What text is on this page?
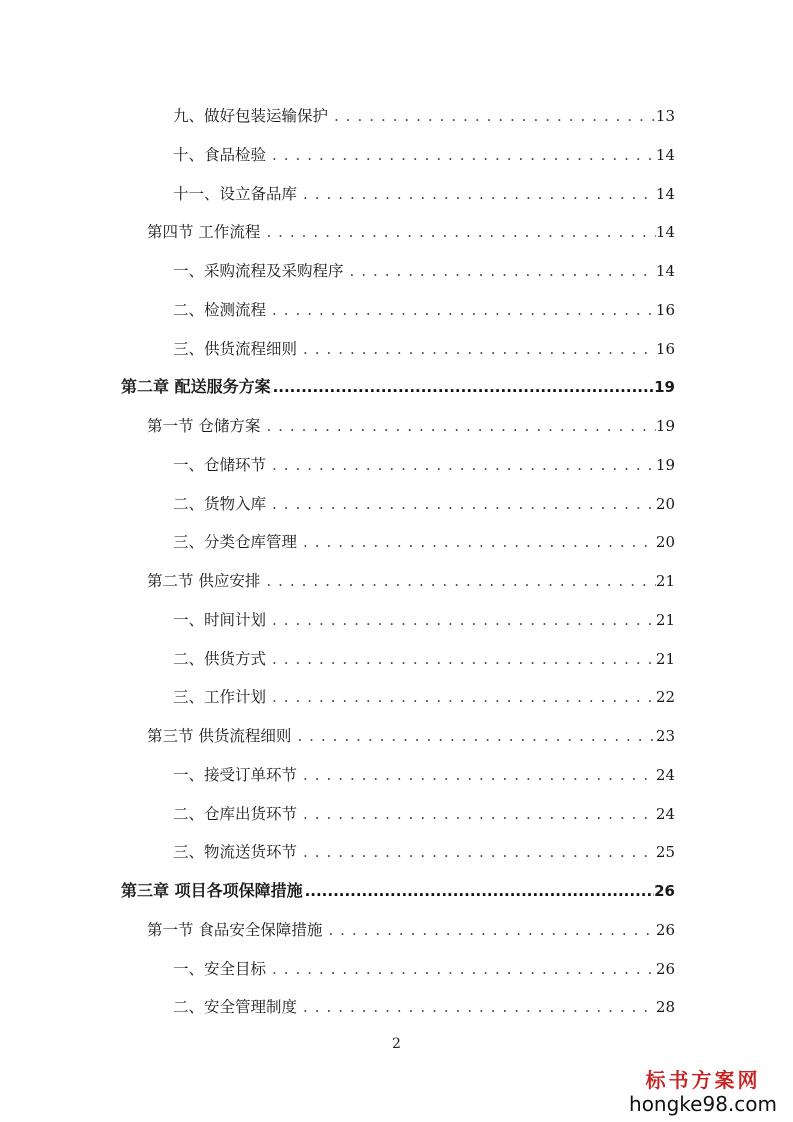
九、做好包装运输保护 . . .	13
十、食品检验 . . .	14
十一、设立备品库 . . .	14
第四节 工作流程 . . .	14
一、采购流程及采购程序 . . .	14
二、检测流程 . . .	16
三、供货流程细则 . . .	16
第二章 配送服务方案 .....	19
第一节 仓储方案 . . .	19
一、仓储环节 . . .	19
二、货物入库 . . .	20
三、分类仓库管理 . . .	20
第二节 供应安排 . . .	21
一、时间计划 . . .	21
二、供货方式 . . .	21
三、工作计划 . . .	22
第三节 供货流程细则 . . .	23
一、接受订单环节 . . .	24
二、仓库出货环节 . . .	24
三、物流送货环节 . . .	25
第三章 项目各项保障措施 .....	26
第一节 食品安全保障措施 . . .	26
一、安全目标 . . .	26
二、安全管理制度 . . .	28
2
标书方案网
hongke98.com
